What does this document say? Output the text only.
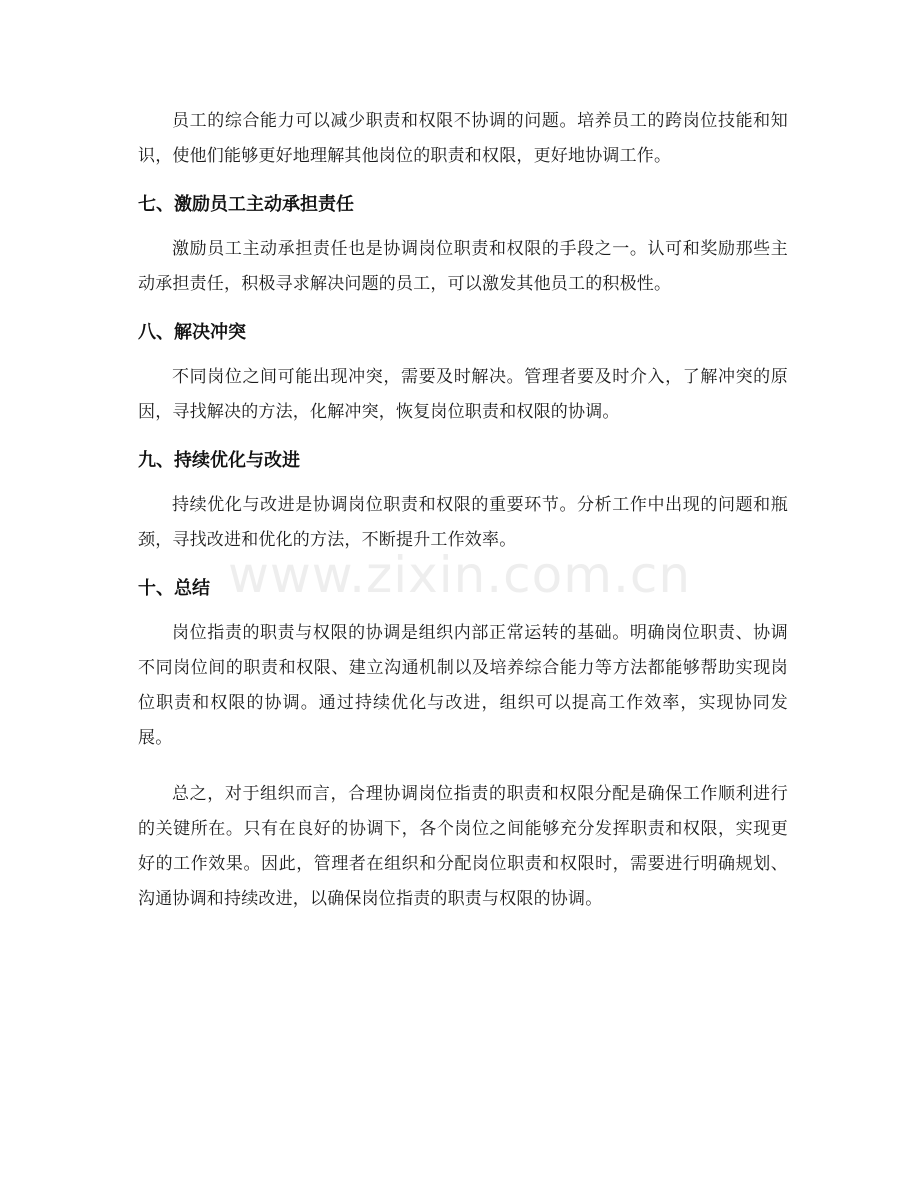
员工的综合能力可以减少职责和权限不协调的问题。培养员工的跨岗位技能和知识，使他们能够更好地理解其他岗位的职责和权限，更好地协调工作。

七、激励员工主动承担责任

激励员工主动承担责任也是协调岗位职责和权限的手段之一。认可和奖励那些主动承担责任，积极寻求解决问题的员工，可以激发其他员工的积极性。

八、解决冲突

不同岗位之间可能出现冲突，需要及时解决。管理者要及时介入，了解冲突的原因，寻找解决的方法，化解冲突，恢复岗位职责和权限的协调。

九、持续优化与改进

持续优化与改进是协调岗位职责和权限的重要环节。分析工作中出现的问题和瓶颈，寻找改进和优化的方法，不断提升工作效率。

十、总结

岗位指责的职责与权限的协调是组织内部正常运转的基础。明确岗位职责、协调不同岗位间的职责和权限、建立沟通机制以及培养综合能力等方法都能够帮助实现岗位职责和权限的协调。通过持续优化与改进，组织可以提高工作效率，实现协同发展。

总之，对于组织而言，合理协调岗位指责的职责和权限分配是确保工作顺利进行的关键所在。只有在良好的协调下，各个岗位之间能够充分发挥职责和权限，实现更好的工作效果。因此，管理者在组织和分配岗位职责和权限时，需要进行明确规划、沟通协调和持续改进，以确保岗位指责的职责与权限的协调。

www.zixin.com.cn
